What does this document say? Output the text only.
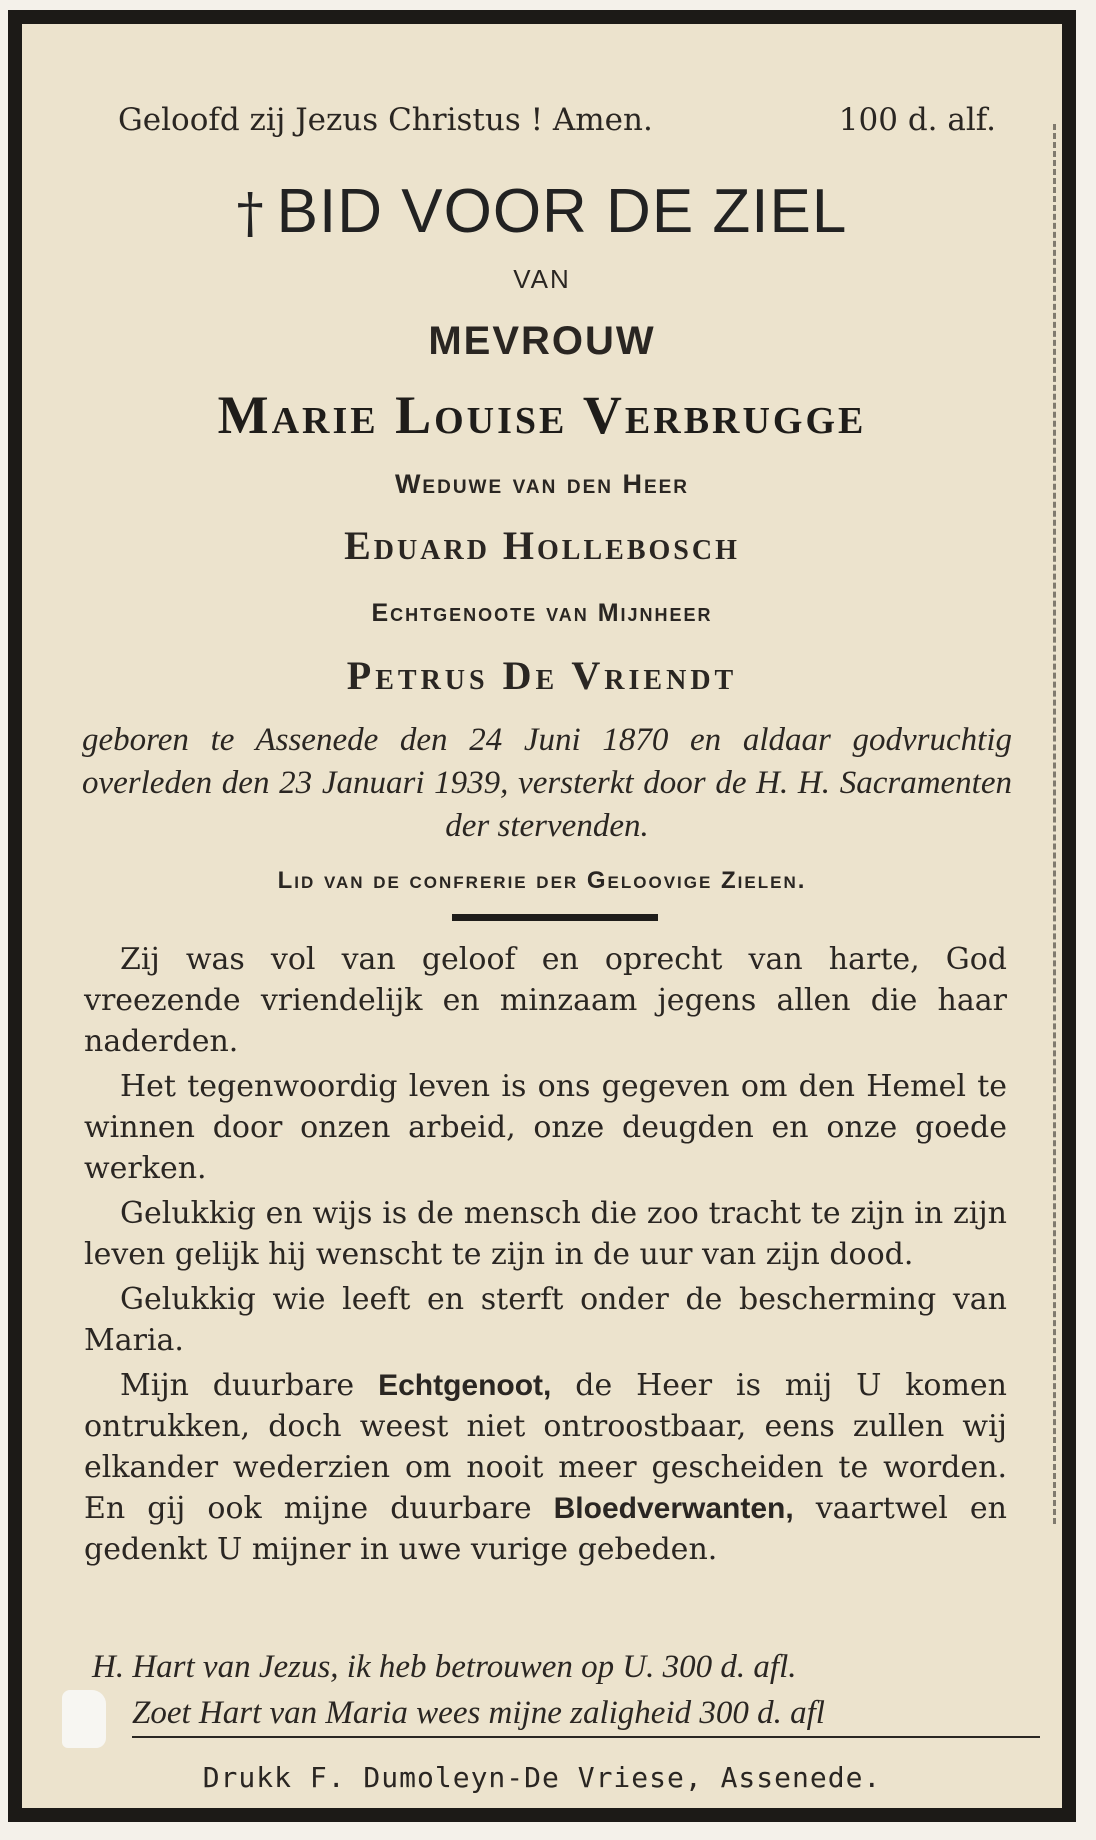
Geloofd zij Jezus Christus ! Amen.	100 d. alf.
† BID VOOR DE ZIEL
VAN
MEVROUW
Marie Louise Verbrugge
Weduwe van den Heer
Eduard Hollebosch
Echtgenoote van Mijnheer
Petrus De Vriendt
geboren te Assenede den 24 Juni 1870 en aldaar godvruchtig overleden den 23 Januari 1939, versterkt door de H. H. Sacramenten der stervenden.
Lid van de confrerie der Geloovige Zielen.

Zij was vol van geloof en oprecht van harte, God vreezende vriendelijk en minzaam jegens allen die haar naderden.

Het tegenwoordig leven is ons gegeven om den Hemel te winnen door onzen arbeid, onze deugden en onze goede werken.

Gelukkig en wijs is de mensch die zoo tracht te zijn in zijn leven gelijk hij wenscht te zijn in de uur van zijn dood.

Gelukkig wie leeft en sterft onder de bescherming van Maria.

Mijn duurbare Echtgenoot, de Heer is mij U komen ontrukken, doch weest niet ontroostbaar, eens zullen wij elkander wederzien om nooit meer gescheiden te worden. En gij ook mijne duurbare Bloedverwanten, vaartwel en gedenkt U mijner in uwe vurige gebeden.

H. Hart van Jezus, ik heb betrouwen op U. 300 d. afl.
Zoet Hart van Maria wees mijne zaligheid 300 d. afl
Drukk F. Dumoleyn-De Vriese, Assenede.
